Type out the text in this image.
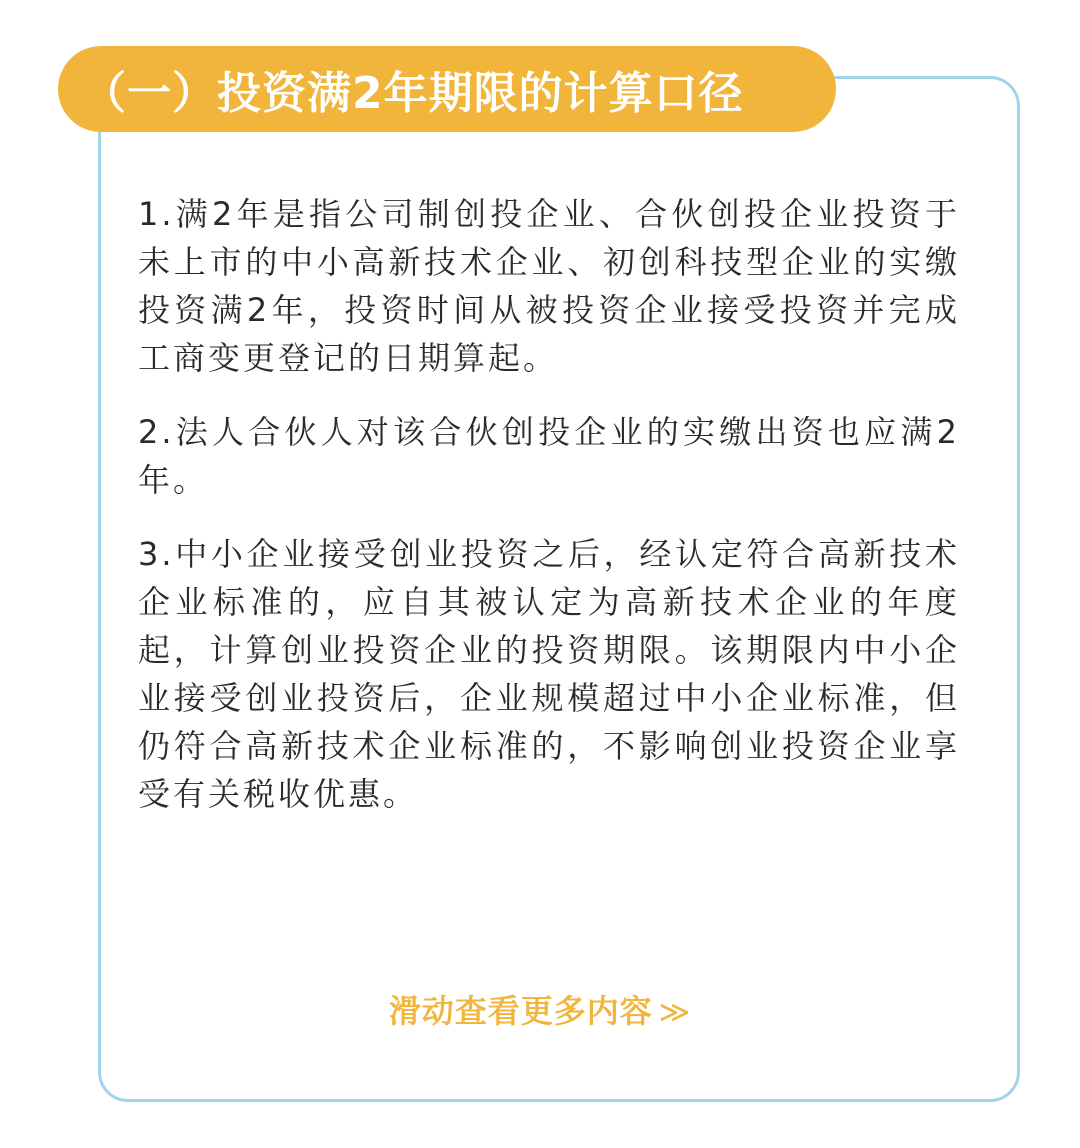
（一）投资满2年期限的计算口径

1.满2年是指公司制创投企业、合伙创投企业投资于未上市的中小高新技术企业、初创科技型企业的实缴投资满2年，投资时间从被投资企业接受投资并完成工商变更登记的日期算起。

2.法人合伙人对该合伙创投企业的实缴出资也应满2年。

3.中小企业接受创业投资之后，经认定符合高新技术企业标准的，应自其被认定为高新技术企业的年度起，计算创业投资企业的投资期限。该期限内中小企业接受创业投资后，企业规模超过中小企业标准，但仍符合高新技术企业标准的，不影响创业投资企业享受有关税收优惠。

滑动查看更多内容 ≫
